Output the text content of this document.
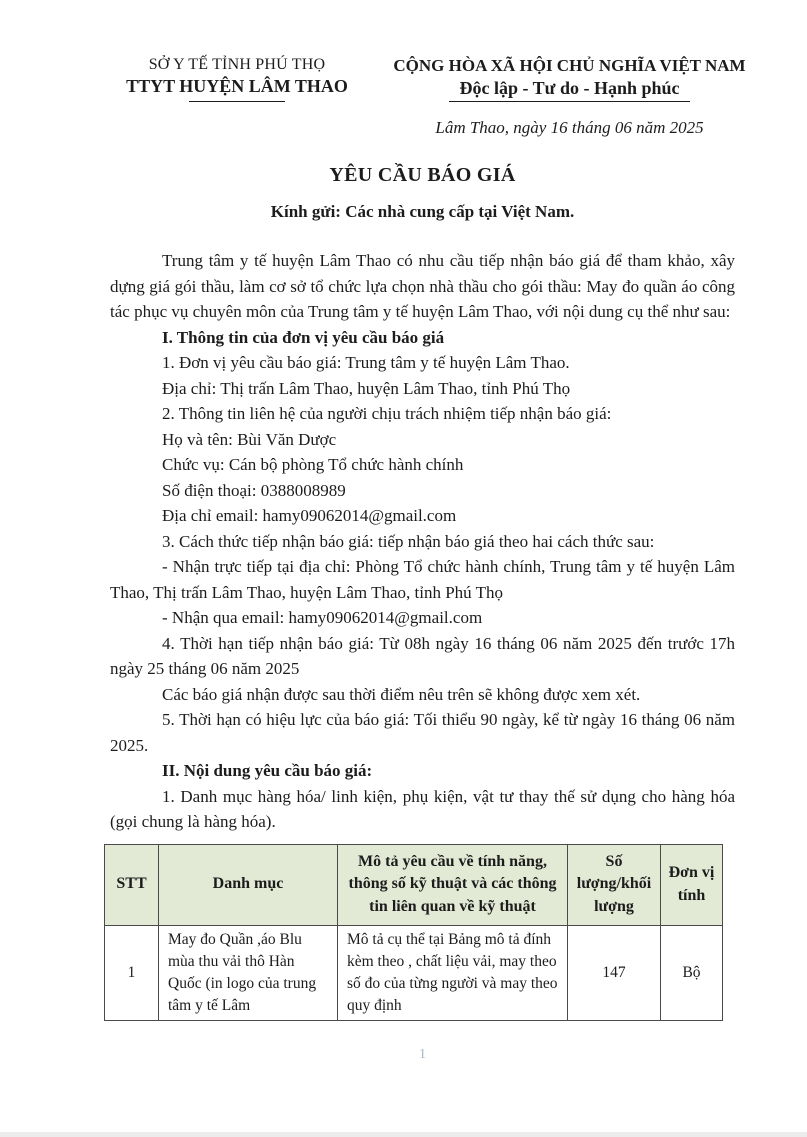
SỞ Y TẾ TỈNH PHÚ THỌ
TTYT HUYỆN LÂM THAO
CỘNG HÒA XÃ HỘI CHỦ NGHĨA VIỆT NAM
Độc lập - Tư do - Hạnh phúc
Lâm Thao, ngày 16 tháng 06 năm 2025
YÊU CẦU BÁO GIÁ
Kính gửi: Các nhà cung cấp tại Việt Nam.

Trung tâm y tế huyện Lâm Thao có nhu cầu tiếp nhận báo giá để tham khảo, xây dựng giá gói thầu, làm cơ sở tổ chức lựa chọn nhà thầu cho gói thầu: May đo quần áo công tác phục vụ chuyên môn của Trung tâm y tế huyện Lâm Thao, với nội dung cụ thể như sau:

I. Thông tin của đơn vị yêu cầu báo giá

1. Đơn vị yêu cầu báo giá: Trung tâm y tế huyện Lâm Thao.

Địa chỉ: Thị trấn Lâm Thao, huyện Lâm Thao, tỉnh Phú Thọ

2. Thông tin liên hệ của người chịu trách nhiệm tiếp nhận báo giá:

Họ và tên: Bùi Văn Dược

Chức vụ: Cán bộ phòng Tổ chức hành chính

Số điện thoại: 0388008989

Địa chỉ email: hamy09062014@gmail.com

3. Cách thức tiếp nhận báo giá: tiếp nhận báo giá theo hai cách thức sau:

- Nhận trực tiếp tại địa chỉ: Phòng Tổ chức hành chính, Trung tâm y tế huyện Lâm Thao, Thị trấn Lâm Thao, huyện Lâm Thao, tỉnh Phú Thọ

- Nhận qua email: hamy09062014@gmail.com

4. Thời hạn tiếp nhận báo giá: Từ 08h ngày 16 tháng 06 năm 2025 đến trước 17h ngày 25 tháng 06 năm 2025

Các báo giá nhận được sau thời điểm nêu trên sẽ không được xem xét.

5. Thời hạn có hiệu lực của báo giá: Tối thiểu 90 ngày, kể từ ngày 16 tháng 06 năm 2025.

II. Nội dung yêu cầu báo giá:

1. Danh mục hàng hóa/ linh kiện, phụ kiện, vật tư thay thế sử dụng cho hàng hóa (gọi chung là hàng hóa).

STT	Danh mục	Mô tả yêu cầu về tính năng, thông số kỹ thuật và các thông tin liên quan về kỹ thuật	Số lượng/khối lượng	Đơn vị tính
1	May đo Quần ,áo Blu mùa thu vải thô Hàn Quốc (in logo của trung tâm y tế Lâm	Mô tả cụ thể tại Bảng mô tả đính kèm theo , chất liệu vải, may theo số đo của từng người và may theo quy định	147	Bộ
1
